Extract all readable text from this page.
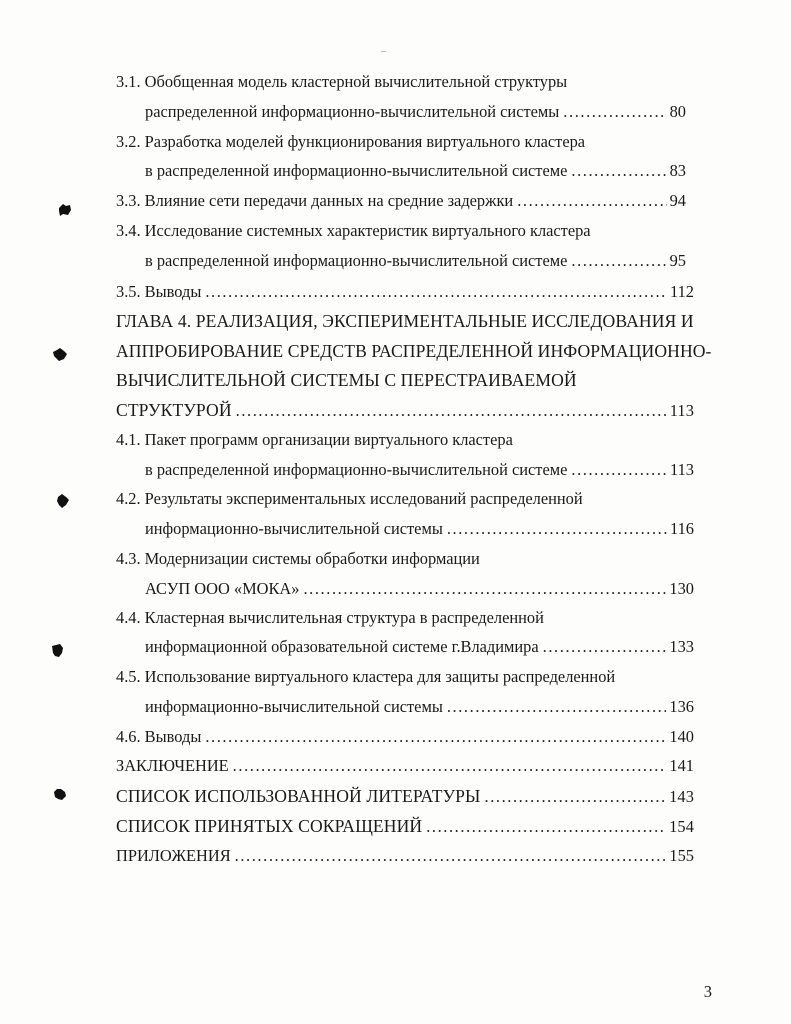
3.1. Обобщенная модель кластерной вычислительной структуры
распределенной информационно-вычислительной системы .....	80
3.2. Разработка моделей функционирования виртуального кластера
в распределенной информационно-вычислительной системе .....	83
3.3. Влияние сети передачи данных на средние задержки .....	94
3.4. Исследование системных характеристик виртуального кластера
в распределенной информационно-вычислительной системе .....	95
3.5. Выводы .....	112
ГЛАВА 4. РЕАЛИЗАЦИЯ, ЭКСПЕРИМЕНТАЛЬНЫЕ ИССЛЕДОВАНИЯ И
АППРОБИРОВАНИЕ СРЕДСТВ РАСПРЕДЕЛЕННОЙ ИНФОРМАЦИОННО-
ВЫЧИСЛИТЕЛЬНОЙ СИСТЕМЫ С ПЕРЕСТРАИВАЕМОЙ
СТРУКТУРОЙ .....	113
4.1. Пакет программ организации виртуального кластера
в распределенной информационно-вычислительной системе .....	113
4.2. Результаты экспериментальных исследований распределенной
информационно-вычислительной системы .....	116
4.3. Модернизации системы обработки информации
АСУП ООО «МОКА» .....	130
4.4. Кластерная вычислительная структура в распределенной
информационной образовательной системе г.Владимира .....	133
4.5. Использование виртуального кластера для защиты распределенной
информационно-вычислительной системы .....	136
4.6. Выводы .....	140
ЗАКЛЮЧЕНИЕ .....	141
СПИСОК ИСПОЛЬЗОВАННОЙ ЛИТЕРАТУРЫ .....	143
СПИСОК ПРИНЯТЫХ СОКРАЩЕНИЙ .....	154
ПРИЛОЖЕНИЯ .....	155
3
